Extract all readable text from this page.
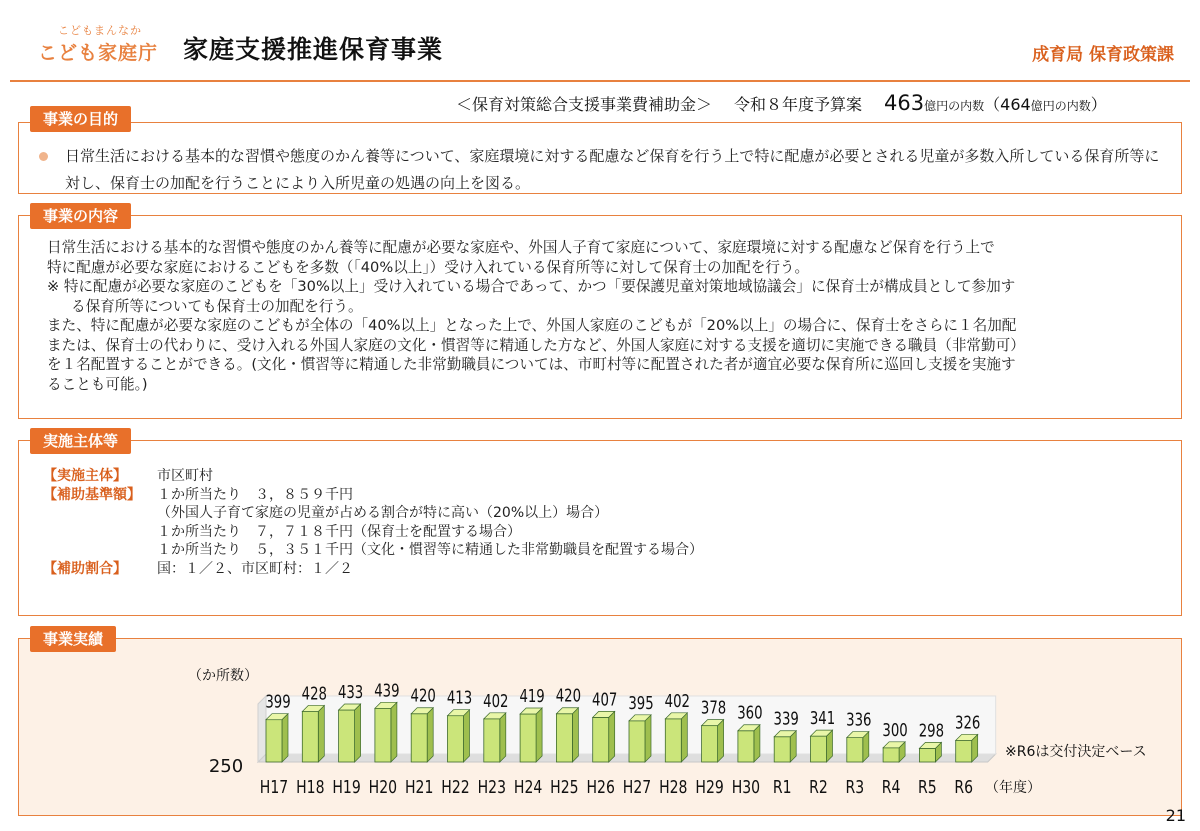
こどもまんなか
こども家庭庁 家庭支援推進保育事業	成育局 保育政策課
＜保育対策総合支援事業費補助金＞ 令和８年度予算案 463億円の内数（464億円の内数）
日常生活における基本的な習慣や態度のかん養等について、家庭環境に対する配慮など保育を行う上で特に配慮が必要とされる児童が多数入所している保育所等に対し、保育士の加配を行うことにより入所児童の処遇の向上を図る。
事業の目的
日常生活における基本的な習慣や態度のかん養等に配慮が必要な家庭や、外国人子育て家庭について、家庭環境に対する配慮など保育を行う上で
特に配慮が必要な家庭におけるこどもを多数（「40%以上」）受け入れている保育所等に対して保育士の加配を行う。
※ 特に配慮が必要な家庭のこどもを「30%以上」受け入れている場合であって、かつ「要保護児童対策地域協議会」に保育士が構成員として参加す
る保育所等についても保育士の加配を行う。
また、特に配慮が必要な家庭のこどもが全体の「40%以上」となった上で、外国人家庭のこどもが「20%以上」の場合に、保育士をさらに１名加配
または、保育士の代わりに、受け入れる外国人家庭の文化・慣習等に精通した方など、外国人家庭に対する支援を適切に実施できる職員（非常勤可）
を１名配置することができる。(文化・慣習等に精通した非常勤職員については、市町村等に配置された者が適宜必要な保育所に巡回し支援を実施す
ることも可能。)
事業の内容
【実施主体】 市区町村
【補助基準額】 １か所当たり　３，８５９千円
（外国人子育て家庭の児童が占める割合が特に高い（20%以上）場合）
１か所当たり　７，７１８千円（保育士を配置する場合）
１か所当たり　５，３５１千円（文化・慣習等に精通した非常勤職員を配置する場合）
【補助割合】 国：１／２、市区町村：１／２
実施主体等
事業実績
399
H17
428
H18
433
H19
439
H20
420
H21
413
H22
402
H23
419
H24
420
H25
407
H26
395
H27
402
H28
378
H29
360
H30
339
R1
341
R2
336
R3
300
R4
298
R5
326
R6
250
（か所数）
（年度）
※R6は交付決定ベース
21
